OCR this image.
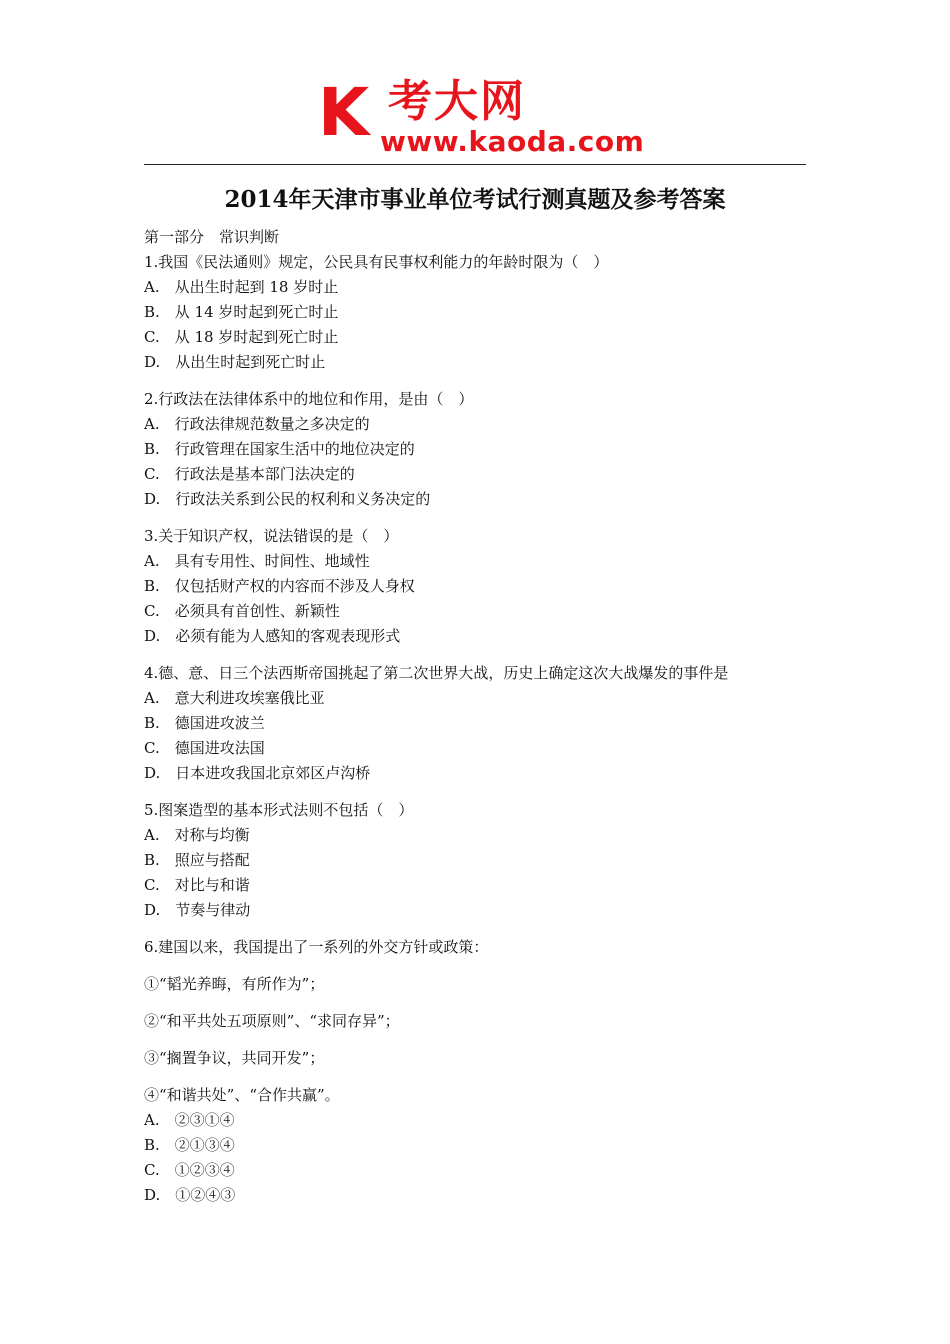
K 考大网
www.kaoda.com
2014年天津市事业单位考试行测真题及参考答案
第一部分　常识判断
1.我国《民法通则》规定，公民具有民事权利能力的年龄时限为（　）
A.　从出生时起到 18 岁时止
B.　从 14 岁时起到死亡时止
C.　从 18 岁时起到死亡时止
D.　从出生时起到死亡时止
2.行政法在法律体系中的地位和作用，是由（　）
A.　行政法律规范数量之多决定的
B.　行政管理在国家生活中的地位决定的
C.　行政法是基本部门法决定的
D.　行政法关系到公民的权利和义务决定的
3.关于知识产权，说法错误的是（　）
A.　具有专用性、时间性、地域性
B.　仅包括财产权的内容而不涉及人身权
C.　必须具有首创性、新颖性
D.　必须有能为人感知的客观表现形式
4.德、意、日三个法西斯帝国挑起了第二次世界大战，历史上确定这次大战爆发的事件是
A.　意大利进攻埃塞俄比亚
B.　德国进攻波兰
C.　德国进攻法国
D.　日本进攻我国北京郊区卢沟桥
5.图案造型的基本形式法则不包括（　）
A.　对称与均衡
B.　照应与搭配
C.　对比与和谐
D.　节奏与律动
6.建国以来，我国提出了一系列的外交方针或政策：
①“韬光养晦，有所作为”；
②“和平共处五项原则”、“求同存异”；
③“搁置争议，共同开发”；
④“和谐共处”、“合作共赢”。
A.　②③①④
B.　②①③④
C.　①②③④
D.　①②④③
